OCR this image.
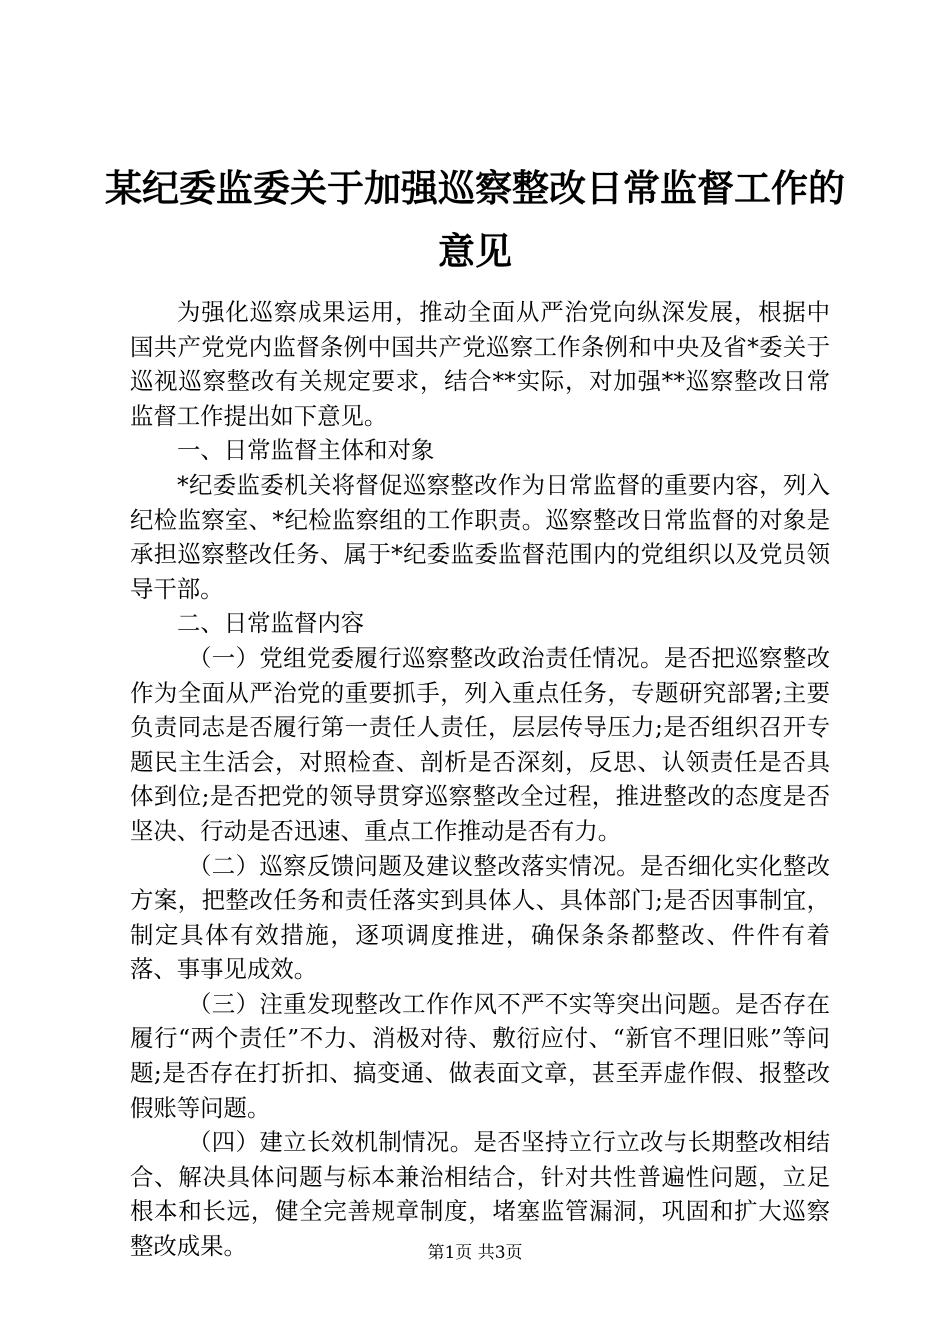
某纪委监委关于加强巡察整改日常监督工作的意见

为强化巡察成果运用，推动全面从严治党向纵深发展，根据中国共产党党内监督条例中国共产党巡察工作条例和中央及省*委关于巡视巡察整改有关规定要求，结合**实际，对加强**巡察整改日常监督工作提出如下意见。

一、日常监督主体和对象

*纪委监委机关将督促巡察整改作为日常监督的重要内容，列入纪检监察室、*纪检监察组的工作职责。巡察整改日常监督的对象是承担巡察整改任务、属于*纪委监委监督范围内的党组织以及党员领导干部。

二、日常监督内容

（一）党组党委履行巡察整改政治责任情况。是否把巡察整改作为全面从严治党的重要抓手，列入重点任务，专题研究部署;主要负责同志是否履行第一责任人责任，层层传导压力;是否组织召开专题民主生活会，对照检查、剖析是否深刻，反思、认领责任是否具体到位;是否把党的领导贯穿巡察整改全过程，推进整改的态度是否坚决、行动是否迅速、重点工作推动是否有力。

（二）巡察反馈问题及建议整改落实情况。是否细化实化整改方案，把整改任务和责任落实到具体人、具体部门;是否因事制宜，制定具体有效措施，逐项调度推进，确保条条都整改、件件有着落、事事见成效。

（三）注重发现整改工作作风不严不实等突出问题。是否存在履行“两个责任”不力、消极对待、敷衍应付、“新官不理旧账”等问题;是否存在打折扣、搞变通、做表面文章，甚至弄虚作假、报整改假账等问题。

（四）建立长效机制情况。是否坚持立行立改与长期整改相结合、解决具体问题与标本兼治相结合，针对共性普遍性问题，立足根本和长远，健全完善规章制度，堵塞监管漏洞，巩固和扩大巡察整改成果。	第1页 共3页
